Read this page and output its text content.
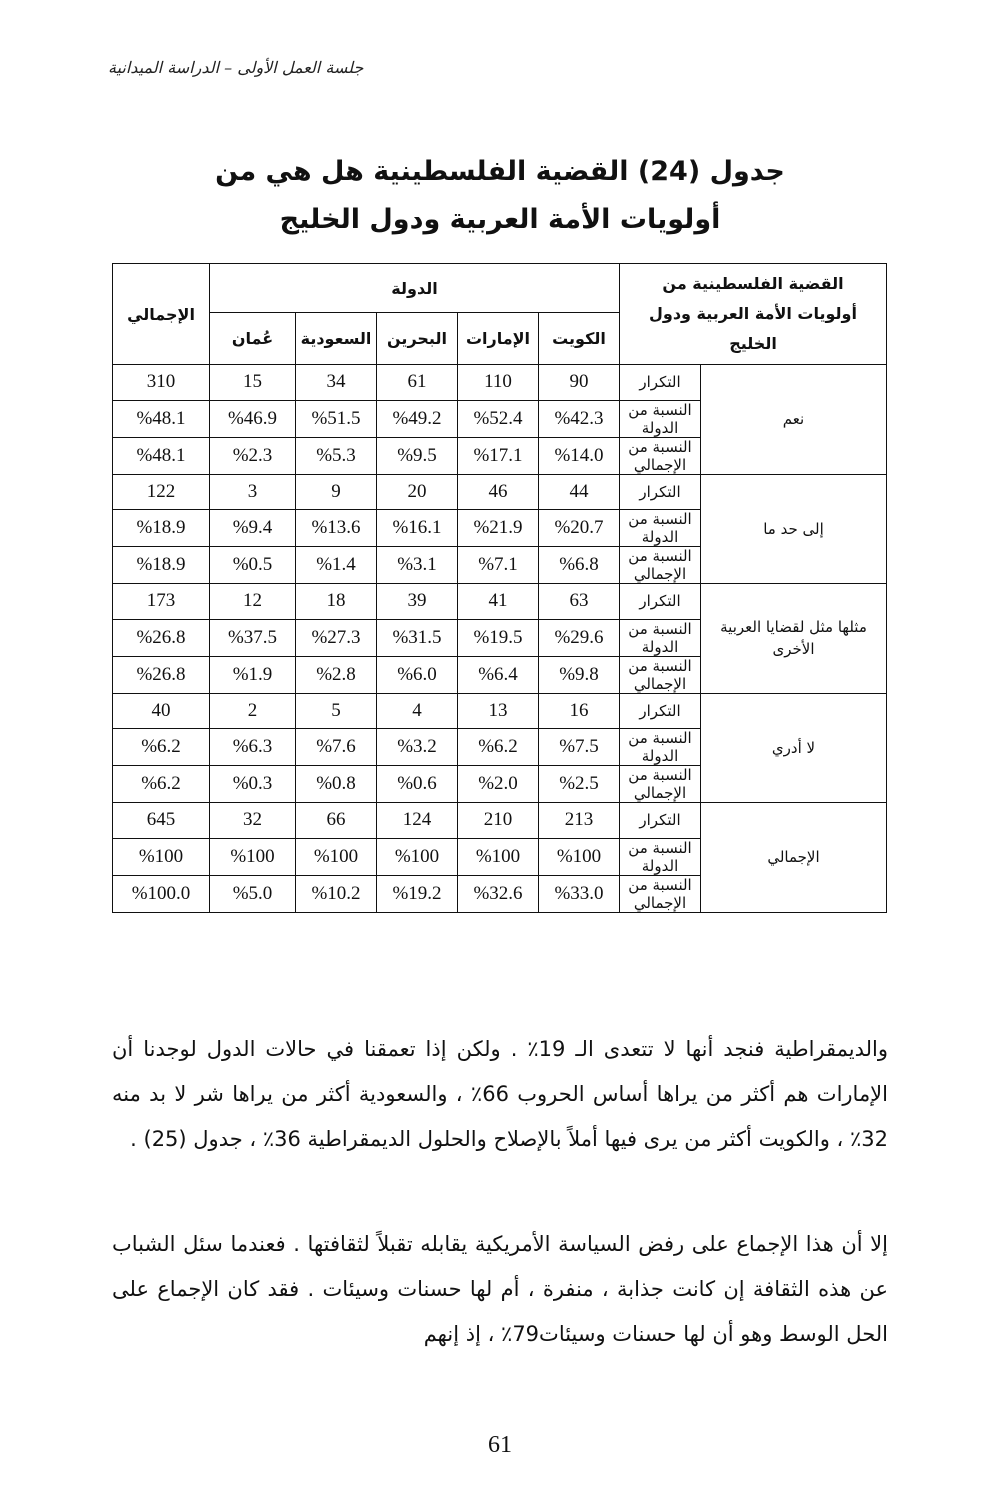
جلسة العمل الأولى – الدراسة الميدانية
جدول (24) القضية الفلسطينية هل هي من
أولويات الأمة العربية ودول الخليج
القضية الفلسطينية من أولويات الأمة العربية ودول الخليج		الدولة					الإجمالي
		الكويت	الإمارات	البحرين	السعودية	عُمان	
نعم	التكرار	90	110	61	34	15	310
	النسبة من الدولة	%42.3	%52.4	%49.2	%51.5	%46.9	%48.1
	النسبة من الإجمالي	%14.0	%17.1	%9.5	%5.3	%2.3	%48.1
إلى حد ما	التكرار	44	46	20	9	3	122
	النسبة من الدولة	%20.7	%21.9	%16.1	%13.6	%9.4	%18.9
	النسبة من الإجمالي	%6.8	%7.1	%3.1	%1.4	%0.5	%18.9
مثلها مثل لقضايا العربية الأخرى	التكرار	63	41	39	18	12	173
	النسبة من الدولة	%29.6	%19.5	%31.5	%27.3	%37.5	%26.8
	النسبة من الإجمالي	%9.8	%6.4	%6.0	%2.8	%1.9	%26.8
لا أدري	التكرار	16	13	4	5	2	40
	النسبة من الدولة	%7.5	%6.2	%3.2	%7.6	%6.3	%6.2
	النسبة من الإجمالي	%2.5	%2.0	%0.6	%0.8	%0.3	%6.2
الإجمالي	التكرار	213	210	124	66	32	645
	النسبة من الدولة	%100	%100	%100	%100	%100	%100
	النسبة من الإجمالي	%33.0	%32.6	%19.2	%10.2	%5.0	%100.0
والديمقراطية فنجد أنها لا تتعدى الـ 19٪ . ولكن إذا تعمقنا في حالات الدول لوجدنا أن الإمارات هم أكثر من يراها أساس الحروب 66٪ ، والسعودية أكثر من يراها شر لا بد منه 32٪ ، والكويت أكثر من يرى فيها أملاً بالإصلاح والحلول الديمقراطية 36٪ ، جدول (25) .
إلا أن هذا الإجماع على رفض السياسة الأمريكية يقابله تقبلاً لثقافتها . فعندما سئل الشباب عن هذه الثقافة إن كانت جذابة ، منفرة ، أم لها حسنات وسيئات . فقد كان الإجماع على الحل الوسط وهو أن لها حسنات وسيئات79٪ ، إذ إنهم
61
